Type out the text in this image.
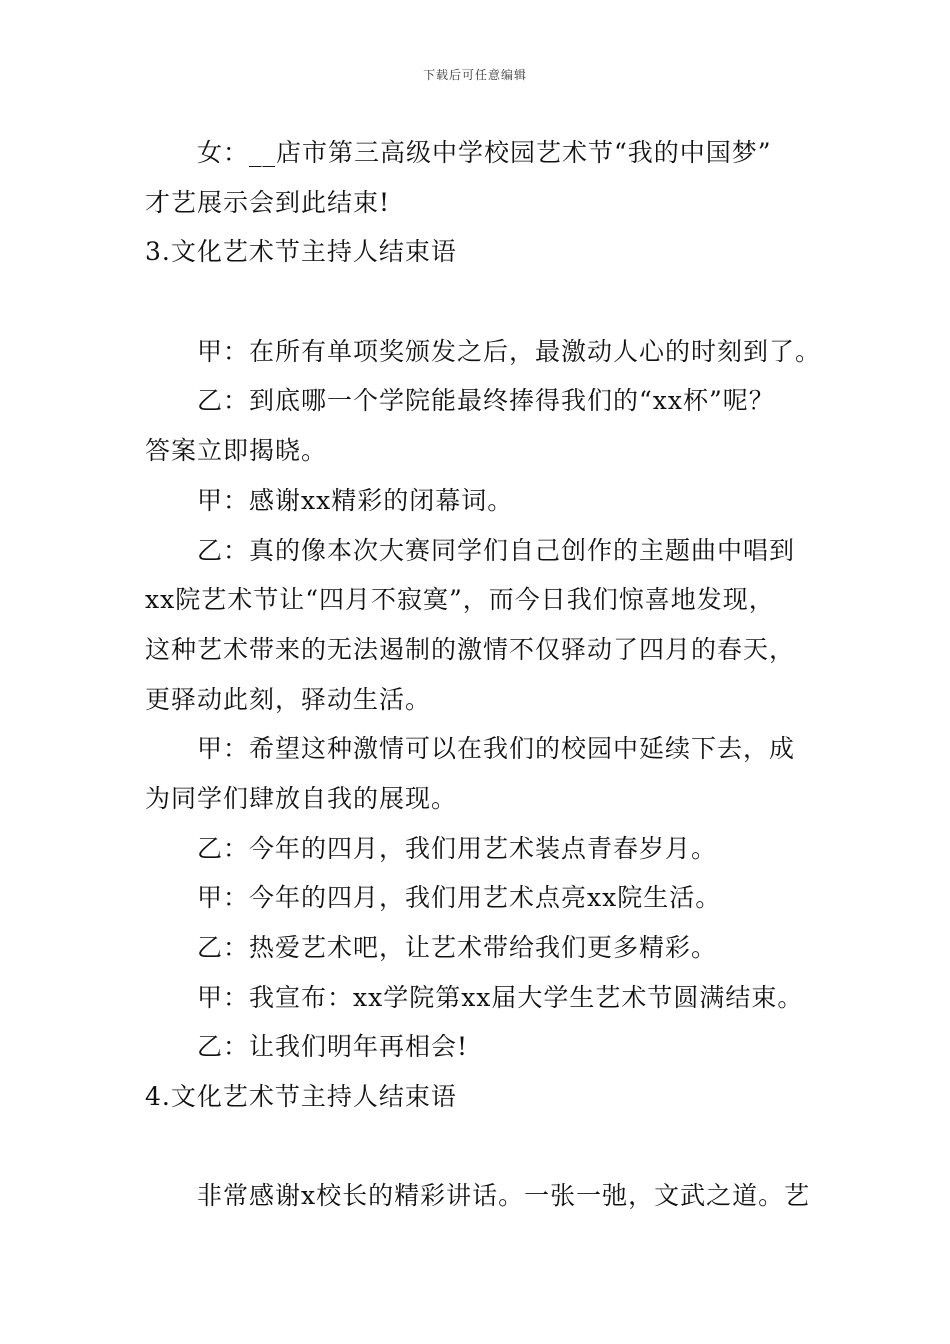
下载后可任意编辑
女：__店市第三高级中学校园艺术节“我的中国梦”
才艺展示会到此结束!
3.文化艺术节主持人结束语
甲：在所有单项奖颁发之后，最激动人心的时刻到了。
乙：到底哪一个学院能最终捧得我们的“xx杯”呢？
答案立即揭晓。
甲：感谢xx精彩的闭幕词。
乙：真的像本次大赛同学们自己创作的主题曲中唱到
xx院艺术节让“四月不寂寞”，而今日我们惊喜地发现，
这种艺术带来的无法遏制的激情不仅驿动了四月的春天，
更驿动此刻，驿动生活。
甲：希望这种激情可以在我们的校园中延续下去，成
为同学们肆放自我的展现。
乙：今年的四月，我们用艺术装点青春岁月。
甲：今年的四月，我们用艺术点亮xx院生活。
乙：热爱艺术吧，让艺术带给我们更多精彩。
甲：我宣布：xx学院第xx届大学生艺术节圆满结束。
乙：让我们明年再相会!
4.文化艺术节主持人结束语
非常感谢x校长的精彩讲话。一张一弛，文武之道。艺
